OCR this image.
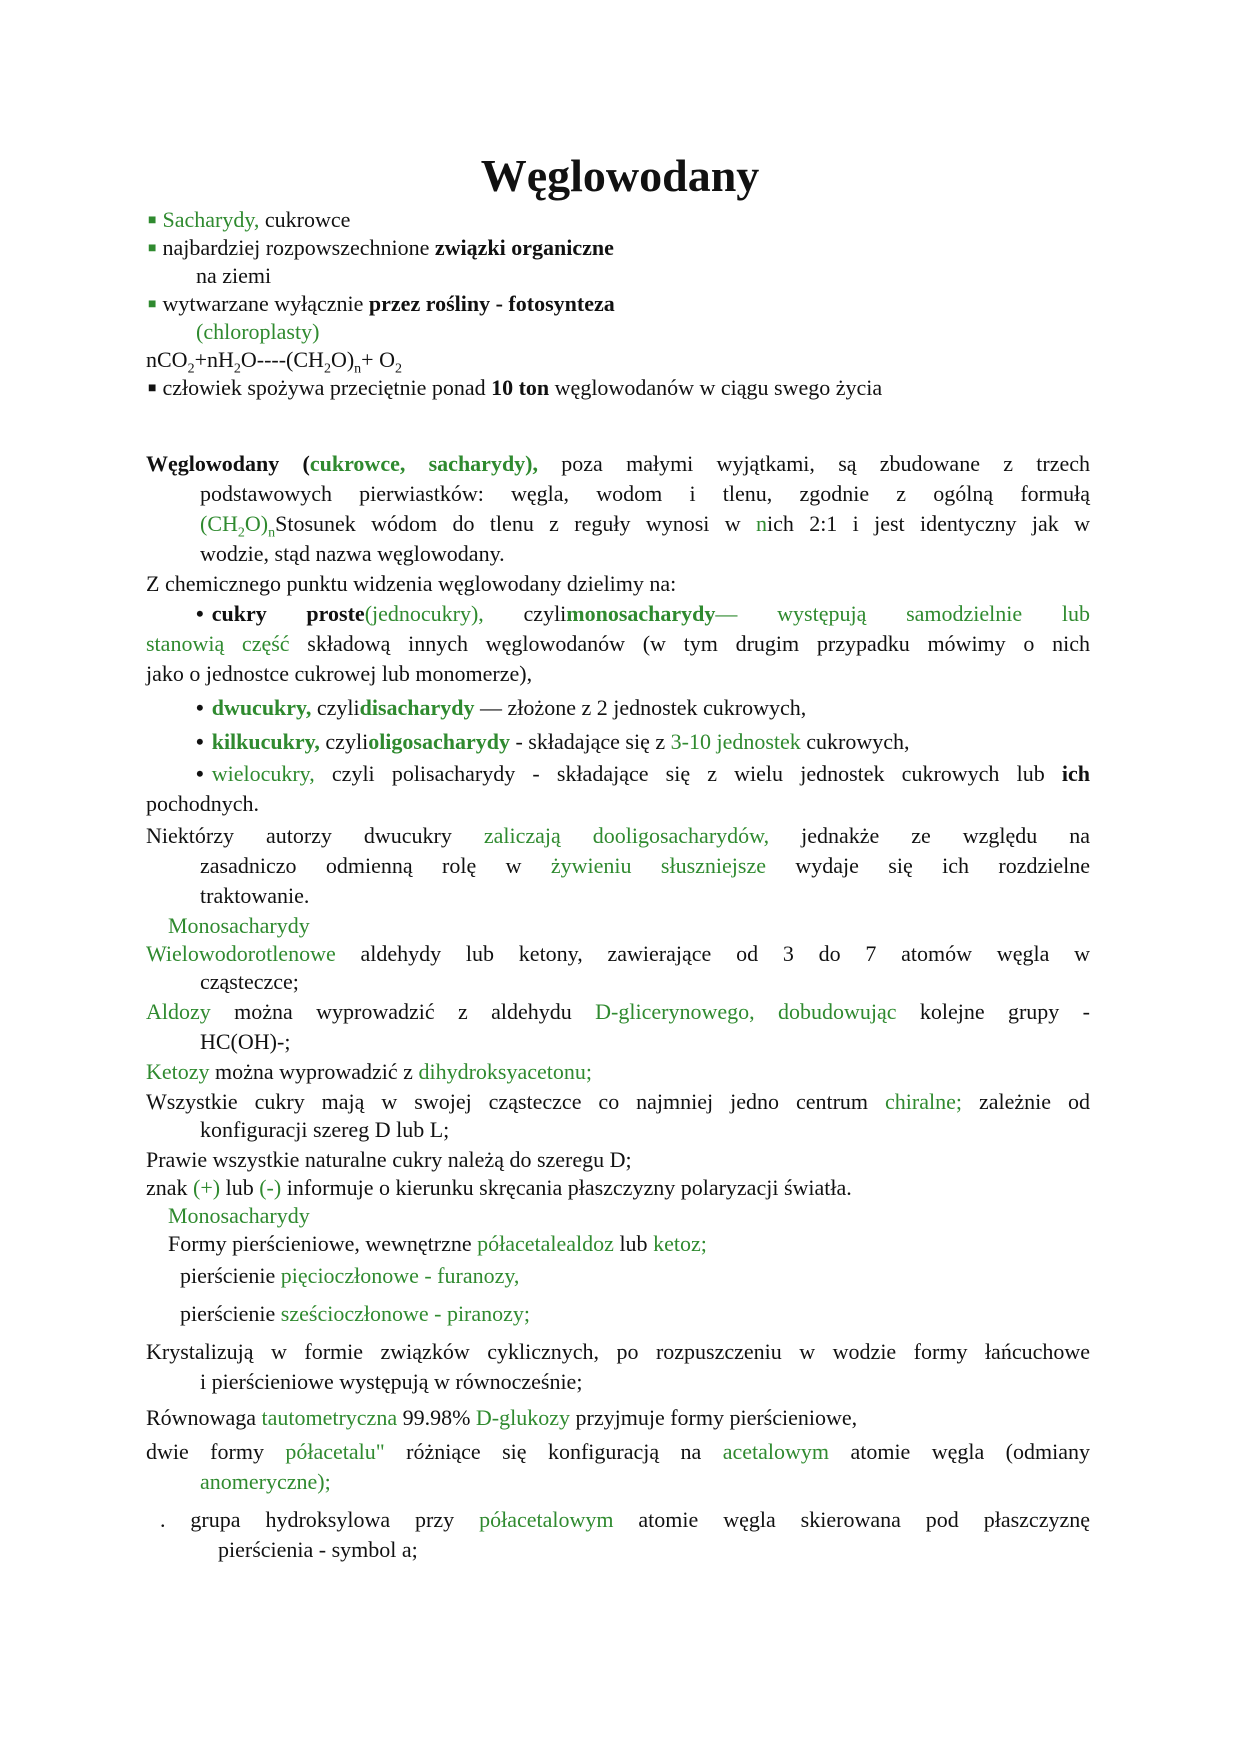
Węglowodany
■ Sacharydy, cukrowce
■ najbardziej rozpowszechnione związki organiczne
na ziemi
■ wytwarzane wyłącznie przez rośliny - fotosynteza
(chloroplasty)
$nCO_2+nH_2O----(CH_2O)_n+ O_2$
■ człowiek spożywa przeciętnie ponad 10 ton węglowodanów w ciągu swego życia
Węglowodany (cukrowce, sacharydy), poza małymi wyjątkami, są zbudowane z trzech
podstawowych pierwiastków: węgla, wodom i tlenu, zgodnie z ogólną formułą
$(CH_2O)_nStosunek$ wódom do tlenu z reguły wynosi w nich 2:1 i jest identyczny jak w
wodzie, stąd nazwa węglowodany.
Z chemicznego punktu widzenia węglowodany dzielimy na:
• cukry proste(jednocukry), czylimonosacharydy— występują samodzielnie lub
stanowią część składową innych węglowodanów (w tym drugim przypadku mówimy o nich
jako o jednostce cukrowej lub monomerze),
• dwucukry, czylidisacharydy — złożone z 2 jednostek cukrowych,
• kilkucukry, czylioligosacharydy - składające się z 3-10 jednostek cukrowych,
• wielocukry, czyli polisacharydy - składające się z wielu jednostek cukrowych lub ich
pochodnych.
Niektórzy autorzy dwucukry zaliczają dooligosacharydów, jednakże ze względu na
zasadniczo odmienną rolę w żywieniu słuszniejsze wydaje się ich rozdzielne
traktowanie.
Monosacharydy
Wielowodorotlenowe aldehydy lub ketony, zawierające od 3 do 7 atomów węgla w
cząsteczce;
Aldozy można wyprowadzić z aldehydu D-glicerynowego, dobudowując kolejne grupy -
HC(OH)-;
Ketozy można wyprowadzić z dihydroksyacetonu;
Wszystkie cukry mają w swojej cząsteczce co najmniej jedno centrum chiralne; zależnie od
konfiguracji szereg D lub L;
Prawie wszystkie naturalne cukry należą do szeregu D;
znak (+) lub (-) informuje o kierunku skręcania płaszczyzny polaryzacji światła.
Monosacharydy
Formy pierścieniowe, wewnętrzne półacetalealdoz lub ketoz;
pierścienie pięcioczłonowe - furanozy,
pierścienie sześcioczłonowe - piranozy;
Krystalizują w formie związków cyklicznych, po rozpuszczeniu w wodzie formy łańcuchowe
i pierścieniowe występują w równocześnie;
Równowaga tautometryczna 99.98% D-glukozy przyjmuje formy pierścieniowe,
dwie formy półacetalu" różniące się konfiguracją na acetalowym atomie węgla (odmiany
anomeryczne);
. grupa hydroksylowa przy półacetalowym atomie węgla skierowana pod płaszczyznę
pierścienia - symbol a;
